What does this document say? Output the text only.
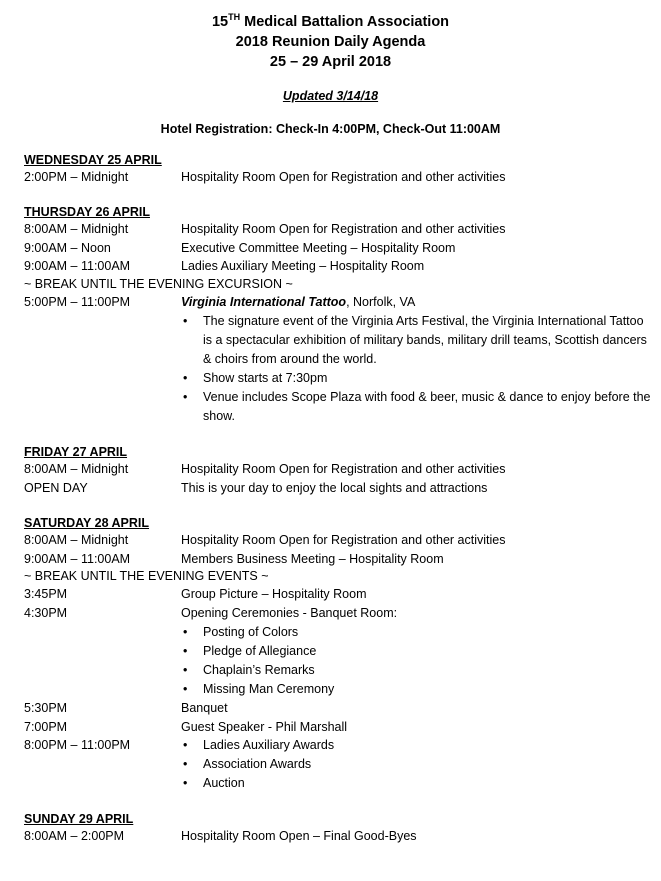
15TH Medical Battalion Association
2018 Reunion Daily Agenda
25 – 29 April 2018
Updated 3/14/18
Hotel Registration: Check-In 4:00PM, Check-Out 11:00AM
WEDNESDAY 25 APRIL
2:00PM – Midnight	Hospitality Room Open for Registration and other activities
THURSDAY 26 APRIL
8:00AM – Midnight	Hospitality Room Open for Registration and other activities
9:00AM – Noon	Executive Committee Meeting – Hospitality Room
9:00AM – 11:00AM	Ladies Auxiliary Meeting – Hospitality Room
~ BREAK UNTIL THE EVENING EXCURSION ~
5:00PM – 11:00PM	Virginia International Tattoo, Norfolk, VA
• The signature event of the Virginia Arts Festival, the Virginia International Tattoo is a spectacular exhibition of military bands, military drill teams, Scottish dancers & choirs from around the world.
• Show starts at 7:30pm
• Venue includes Scope Plaza with food & beer, music & dance to enjoy before the show.
FRIDAY 27 APRIL
8:00AM – Midnight	Hospitality Room Open for Registration and other activities
OPEN DAY	This is your day to enjoy the local sights and attractions
SATURDAY 28 APRIL
8:00AM – Midnight	Hospitality Room Open for Registration and other activities
9:00AM – 11:00AM	Members Business Meeting – Hospitality Room
~ BREAK UNTIL THE EVENING EVENTS ~
3:45PM	Group Picture – Hospitality Room
4:30PM	Opening Ceremonies - Banquet Room:
• Posting of Colors
• Pledge of Allegiance
• Chaplain’s Remarks
• Missing Man Ceremony
5:30PM	Banquet
7:00PM	Guest Speaker - Phil Marshall
8:00PM – 11:00PM
•	Ladies Auxiliary Awards
• Association Awards
• Auction
SUNDAY 29 APRIL
8:00AM – 2:00PM	Hospitality Room Open – Final Good-Byes
